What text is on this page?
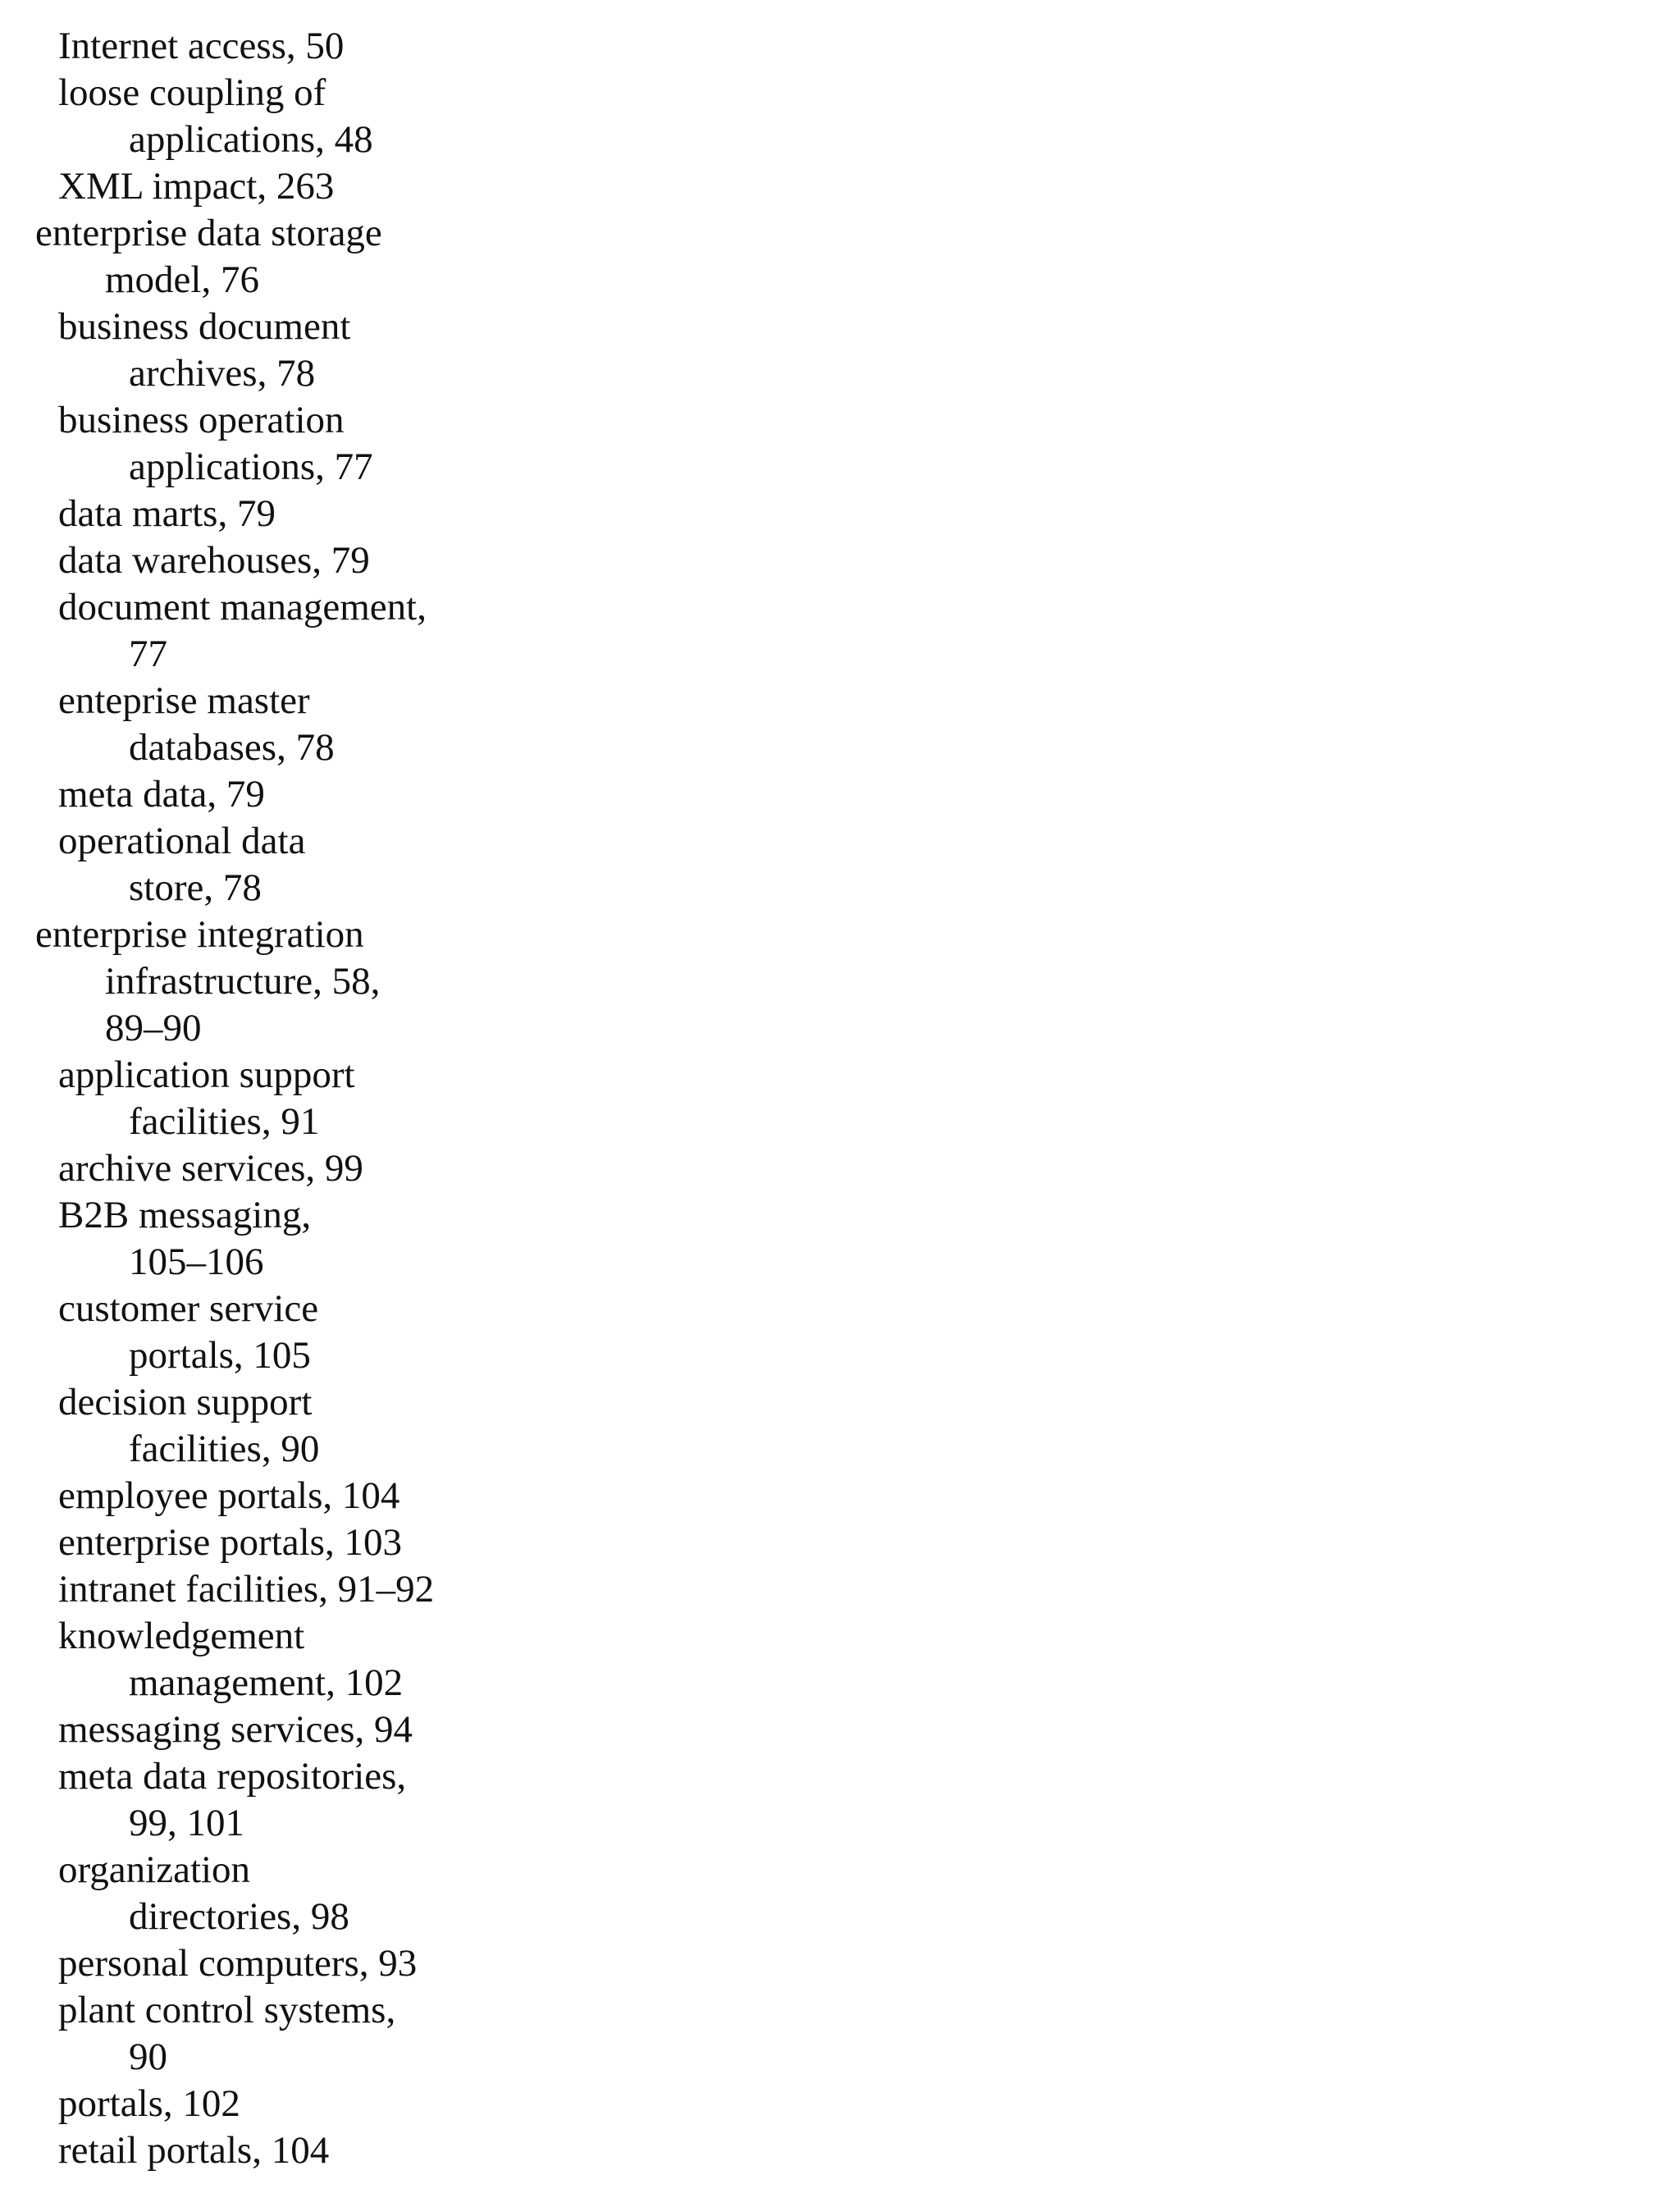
Internet access, 50
loose coupling of
applications, 48
XML impact, 263
enterprise data storage
model, 76
business document
archives, 78
business operation
applications, 77
data marts, 79
data warehouses, 79
document management,
77
enteprise master
databases, 78
meta data, 79
operational data
store, 78
enterprise integration
infrastructure, 58,
89–90
application support
facilities, 91
archive services, 99
B2B messaging,
105–106
customer service
portals, 105
decision support
facilities, 90
employee portals, 104
enterprise portals, 103
intranet facilities, 91–92
knowledgement
management, 102
messaging services, 94
meta data repositories,
99, 101
organization
directories, 98
personal computers, 93
plant control systems,
90
portals, 102
retail portals, 104
